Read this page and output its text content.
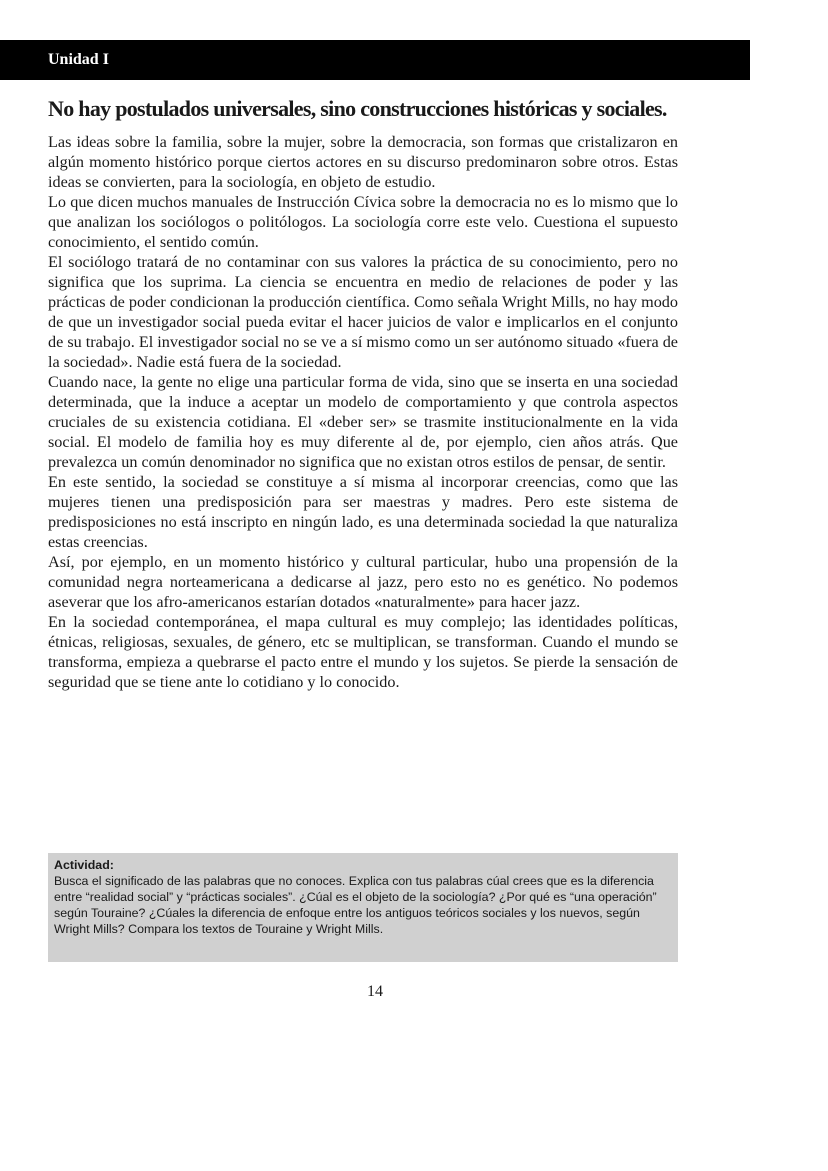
Unidad I
No hay postulados universales, sino construcciones históricas y sociales.

Las ideas sobre la familia, sobre la mujer, sobre la democracia, son formas que cristalizaron en algún momento histórico porque ciertos actores en su discurso predominaron sobre otros. Estas ideas se convierten, para la sociología, en objeto de estudio.

Lo que dicen muchos manuales de Instrucción Cívica sobre la democracia no es lo mismo que lo que analizan los sociólogos o politólogos. La sociología corre este velo. Cuestiona el supuesto conocimiento, el sentido común.

El sociólogo tratará de no contaminar con sus valores la práctica de su conocimiento, pero no significa que los suprima. La ciencia se encuentra en medio de relaciones de poder y las prácticas de poder condicionan la producción científica. Como señala Wright Mills, no hay modo de que un investigador social pueda evitar el hacer juicios de valor e implicarlos en el conjunto de su trabajo. El investigador social no se ve a sí mismo como un ser autónomo situado «fuera de la sociedad». Nadie está fuera de la sociedad.

Cuando nace, la gente no elige una particular forma de vida, sino que se inserta en una sociedad determinada, que la induce a aceptar un modelo de comportamiento y que controla aspectos cruciales de su existencia cotidiana. El «deber ser» se trasmite institucionalmente en la vida social. El modelo de familia hoy es muy diferente al de, por ejemplo, cien años atrás. Que prevalezca un común denominador no significa que no existan otros estilos de pensar, de sentir.

En este sentido, la sociedad se constituye a sí misma al incorporar creencias, como que las mujeres tienen una predisposición para ser maestras y madres. Pero este sistema de predisposiciones no está inscripto en ningún lado, es una determinada sociedad la que naturaliza estas creencias.

Así, por ejemplo, en un momento histórico y cultural particular, hubo una propensión de la comunidad negra norteamericana a dedicarse al jazz, pero esto no es genético. No podemos aseverar que los afro-americanos estarían dotados «naturalmente» para hacer jazz.

En la sociedad contemporánea, el mapa cultural es muy complejo; las identidades políticas, étnicas, religiosas, sexuales, de género, etc se multiplican, se transforman. Cuando el mundo se transforma, empieza a quebrarse el pacto entre el mundo y los sujetos. Se pierde la sensación de seguridad que se tiene ante lo cotidiano y lo conocido.

Actividad:
Busca el significado de las palabras que no conoces. Explica con tus palabras cúal crees que es la diferencia entre “realidad social” y “prácticas sociales”. ¿Cúal es el objeto de la sociología? ¿Por qué es “una operación” según Touraine? ¿Cúales la diferencia de enfoque entre los antiguos teóricos sociales y los nuevos, según Wright Mills? Compara los textos de Touraine y Wright Mills.
14
